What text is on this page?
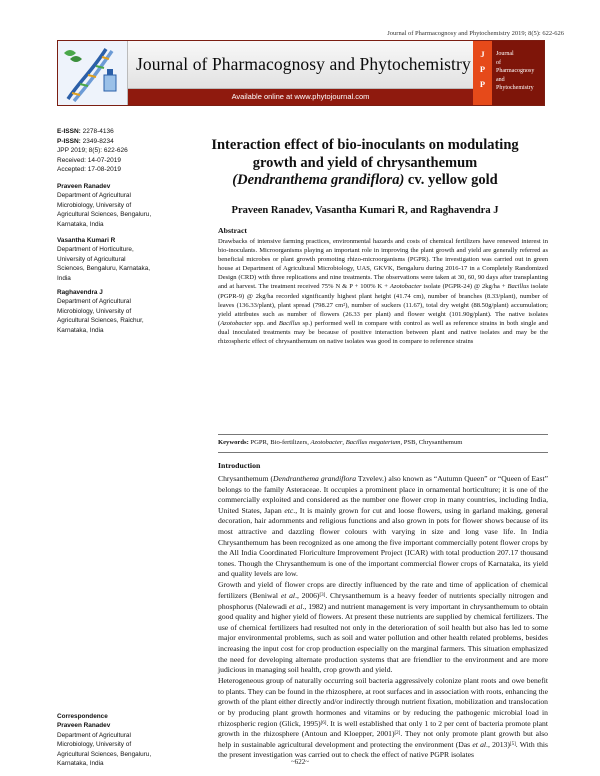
Journal of Pharmacognosy and Phytochemistry 2019; 8(5): 622-626
Journal of Pharmacognosy and Phytochemistry
Available online at www.phytojournal.com
J
P
P
Journal
of
Pharmacognosy
and
Phytochemistry
E-ISSN: 2278-4136
P-ISSN: 2349-8234
JPP 2019; 8(5): 622-626
Received: 14-07-2019
Accepted: 17-08-2019
Praveen Ranadev
Department of Agricultural
Microbiology, University of
Agricultural Sciences, Bengaluru,
Karnataka, India
Vasantha Kumari R
Department of Horticulture,
University of Agricultural
Sciences, Bengaluru, Karnataka,
India
Raghavendra J
Department of Agricultural
Microbiology, University of
Agricultural Sciences, Raichur,
Karnataka, India
Correspondence
Praveen Ranadev
Department of Agricultural
Microbiology, University of
Agricultural Sciences, Bengaluru,
Karnataka, India
Interaction effect of bio-inoculants on modulating
growth and yield of chrysanthemum
(Dendranthema grandiflora) cv. yellow gold
Praveen Ranadev, Vasantha Kumari R, and Raghavendra J
Abstract
Drawbacks of intensive farming practices, environmental hazards and costs of chemical fertilizers have renewed interest in bio-inoculants. Microorganisms playing an important role in improving the plant growth and yield are generally referred as beneficial microbes or plant growth promoting rhizo-microorganisms (PGPR). The investigation was carried out in green house at Department of Agricultural Microbiology, UAS, GKVK, Bengaluru during 2016-17 in a Completely Randomized Design (CRD) with three replications and nine treatments. The observations were taken at 30, 60, 90 days after transplanting and at harvest. The treatment received 75% N & P + 100% K + Azotobacter isolate (PGPR-24) @ 2kg/ha + Bacillus isolate (PGPR-9) @ 2kg/ha recorded significantly highest plant height (41.74 cm), number of branches (8.33/plant), number of leaves (136.33/plant), plant spread (798.27 cm²), number of suckers (11.67), total dry weight (88.50g/plant) accumulation; yield attributes such as number of flowers (26.33 per plant) and flower weight (101.90g/plant). The native isolates (Azotobacter spp. and Bacillus sp.) performed well in compare with control as well as reference strains in both single and dual inoculated treatments may be because of positive interaction between plant and native isolates and may be the rhizospheric effect of chrysanthemum on native isolates was good in compare to reference strains
Keywords: PGPR, Bio-fertilizers, Azotobacter, Bacillus megaterium, PSB, Chrysanthemum
Introduction

Chrysanthemum (Dendranthema grandiflora Tzvelev.) also known as “Autumn Queen” or “Queen of East” belongs to the family Asteraceae. It occupies a prominent place in ornamental horticulture; it is one of the commercially exploited and considered as the number one flower crop in many countries, including India, United States, Japan etc., It is mainly grown for cut and loose flowers, using in garland making, general decoration, hair adornments and religious functions and also grown in pots for flower shows because of its most attractive and dazzling flower colours with varying in size and long vase life. In India Chrysanthemum has been recognized as one among the five important commercially potent flower crops by the All India Coordinated Floriculture Improvement Project (ICAR) with total production 207.17 thousand tones. Though the Chrysanthemum is one of the important commercial flower crops of Karnataka, its yield and quality levels are low.

Growth and yield of flower crops are directly influenced by the rate and time of application of chemical fertilizers (Beniwal et al., 2006)[3]. Chrysanthemum is a heavy feeder of nutrients specially nitrogen and phosphorus (Nalewadi et al., 1982) and nutrient management is very important in chrysanthemum to obtain good quality and higher yield of flowers. At present these nutrients are supplied by chemical fertilizers. The use of chemical fertilizers had resulted not only in the deterioration of soil health but also has led to some major environmental problems, such as soil and water pollution and other health related problems, besides increasing the input cost for crop production especially on the marginal farmers. This situation emphasized the need for developing alternate production systems that are friendlier to the environment and are more judicious in managing soil health, crop growth and yield.

Heterogeneous group of naturally occurring soil bacteria aggressively colonize plant roots and owe benefit to plants. They can be found in the rhizosphere, at root surfaces and in association with roots, enhancing the growth of the plant either directly and/or indirectly through nutrient fixation, mobilization and translocation or by producing plant growth hormones and vitamins or by reducing the pathogenic microbial load in rhizospheric region (Glick, 1995)[6]. It is well established that only 1 to 2 per cent of bacteria promote plant growth in the rhizosphere (Antoun and Kloepper, 2001)[2]. They not only promote plant growth but also help in sustainable agricultural development and protecting the environment (Das et al., 2013)[5]. With this the present investigation was carried out to check the effect of native PGPR isolates

~622~
